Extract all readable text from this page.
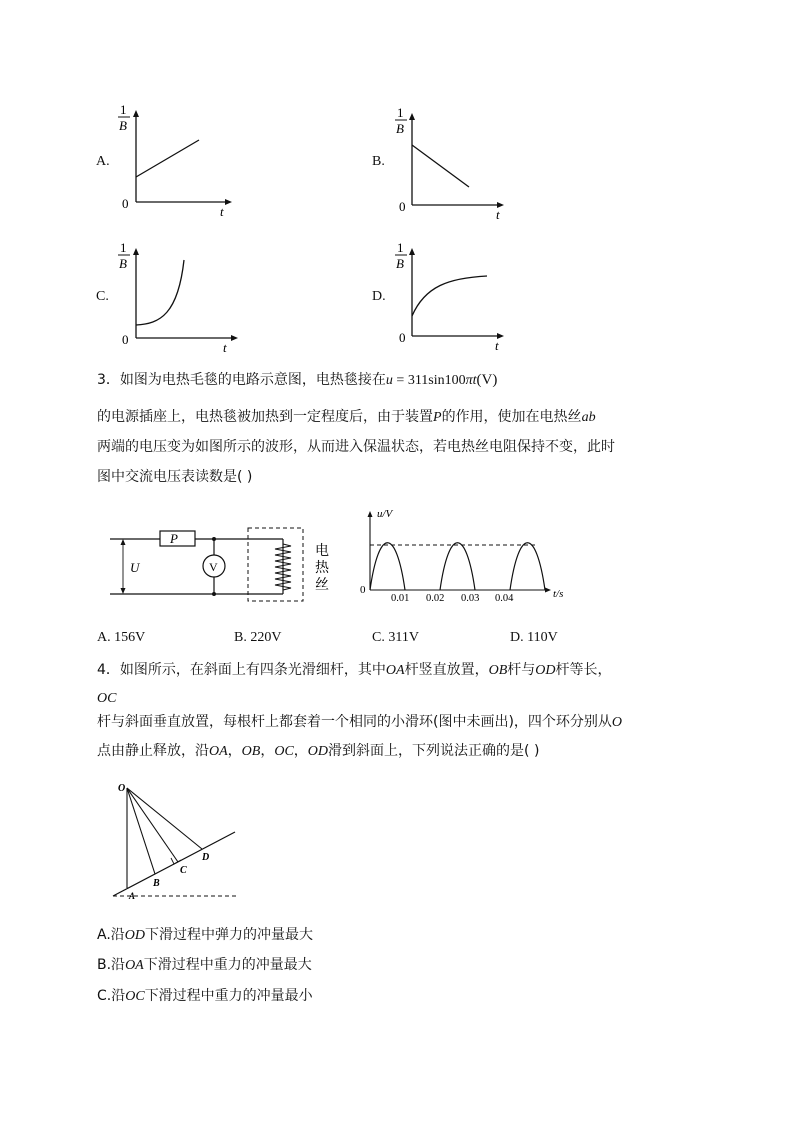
A.
1
B
0
t
B.
1
B
0
t
C.
1
B
0
t
D.
1
B
0
t
3．如图为电热毛毯的电路示意图，电热毯接在u = 311sin100πt(V)
的电源插座上，电热毯被加热到一定程度后，由于装置P的作用，使加在电热丝ab
两端的电压变为如图所示的波形，从而进入保温状态，若电热丝电阻保持不变，此时
图中交流电压表读数是( )
P
U	V
电
热
丝
u/V
t/s
0
0.01 0.02 0.03 0.04
A. 156V	B. 220V	C. 311V	D. 110V
4．如图所示，在斜面上有四条光滑细杆，其中OA杆竖直放置，OB杆与OD杆等长，
OC
杆与斜面垂直放置，每根杆上都套着一个相同的小滑环(图中未画出)，四个环分别从O
点由静止释放，沿OA，OB，OC，OD滑到斜面上，下列说法正确的是( )
O
A
B
C
D
A.沿OD下滑过程中弹力的冲量最大
B.沿OA下滑过程中重力的冲量最大
C.沿OC下滑过程中重力的冲量最小
